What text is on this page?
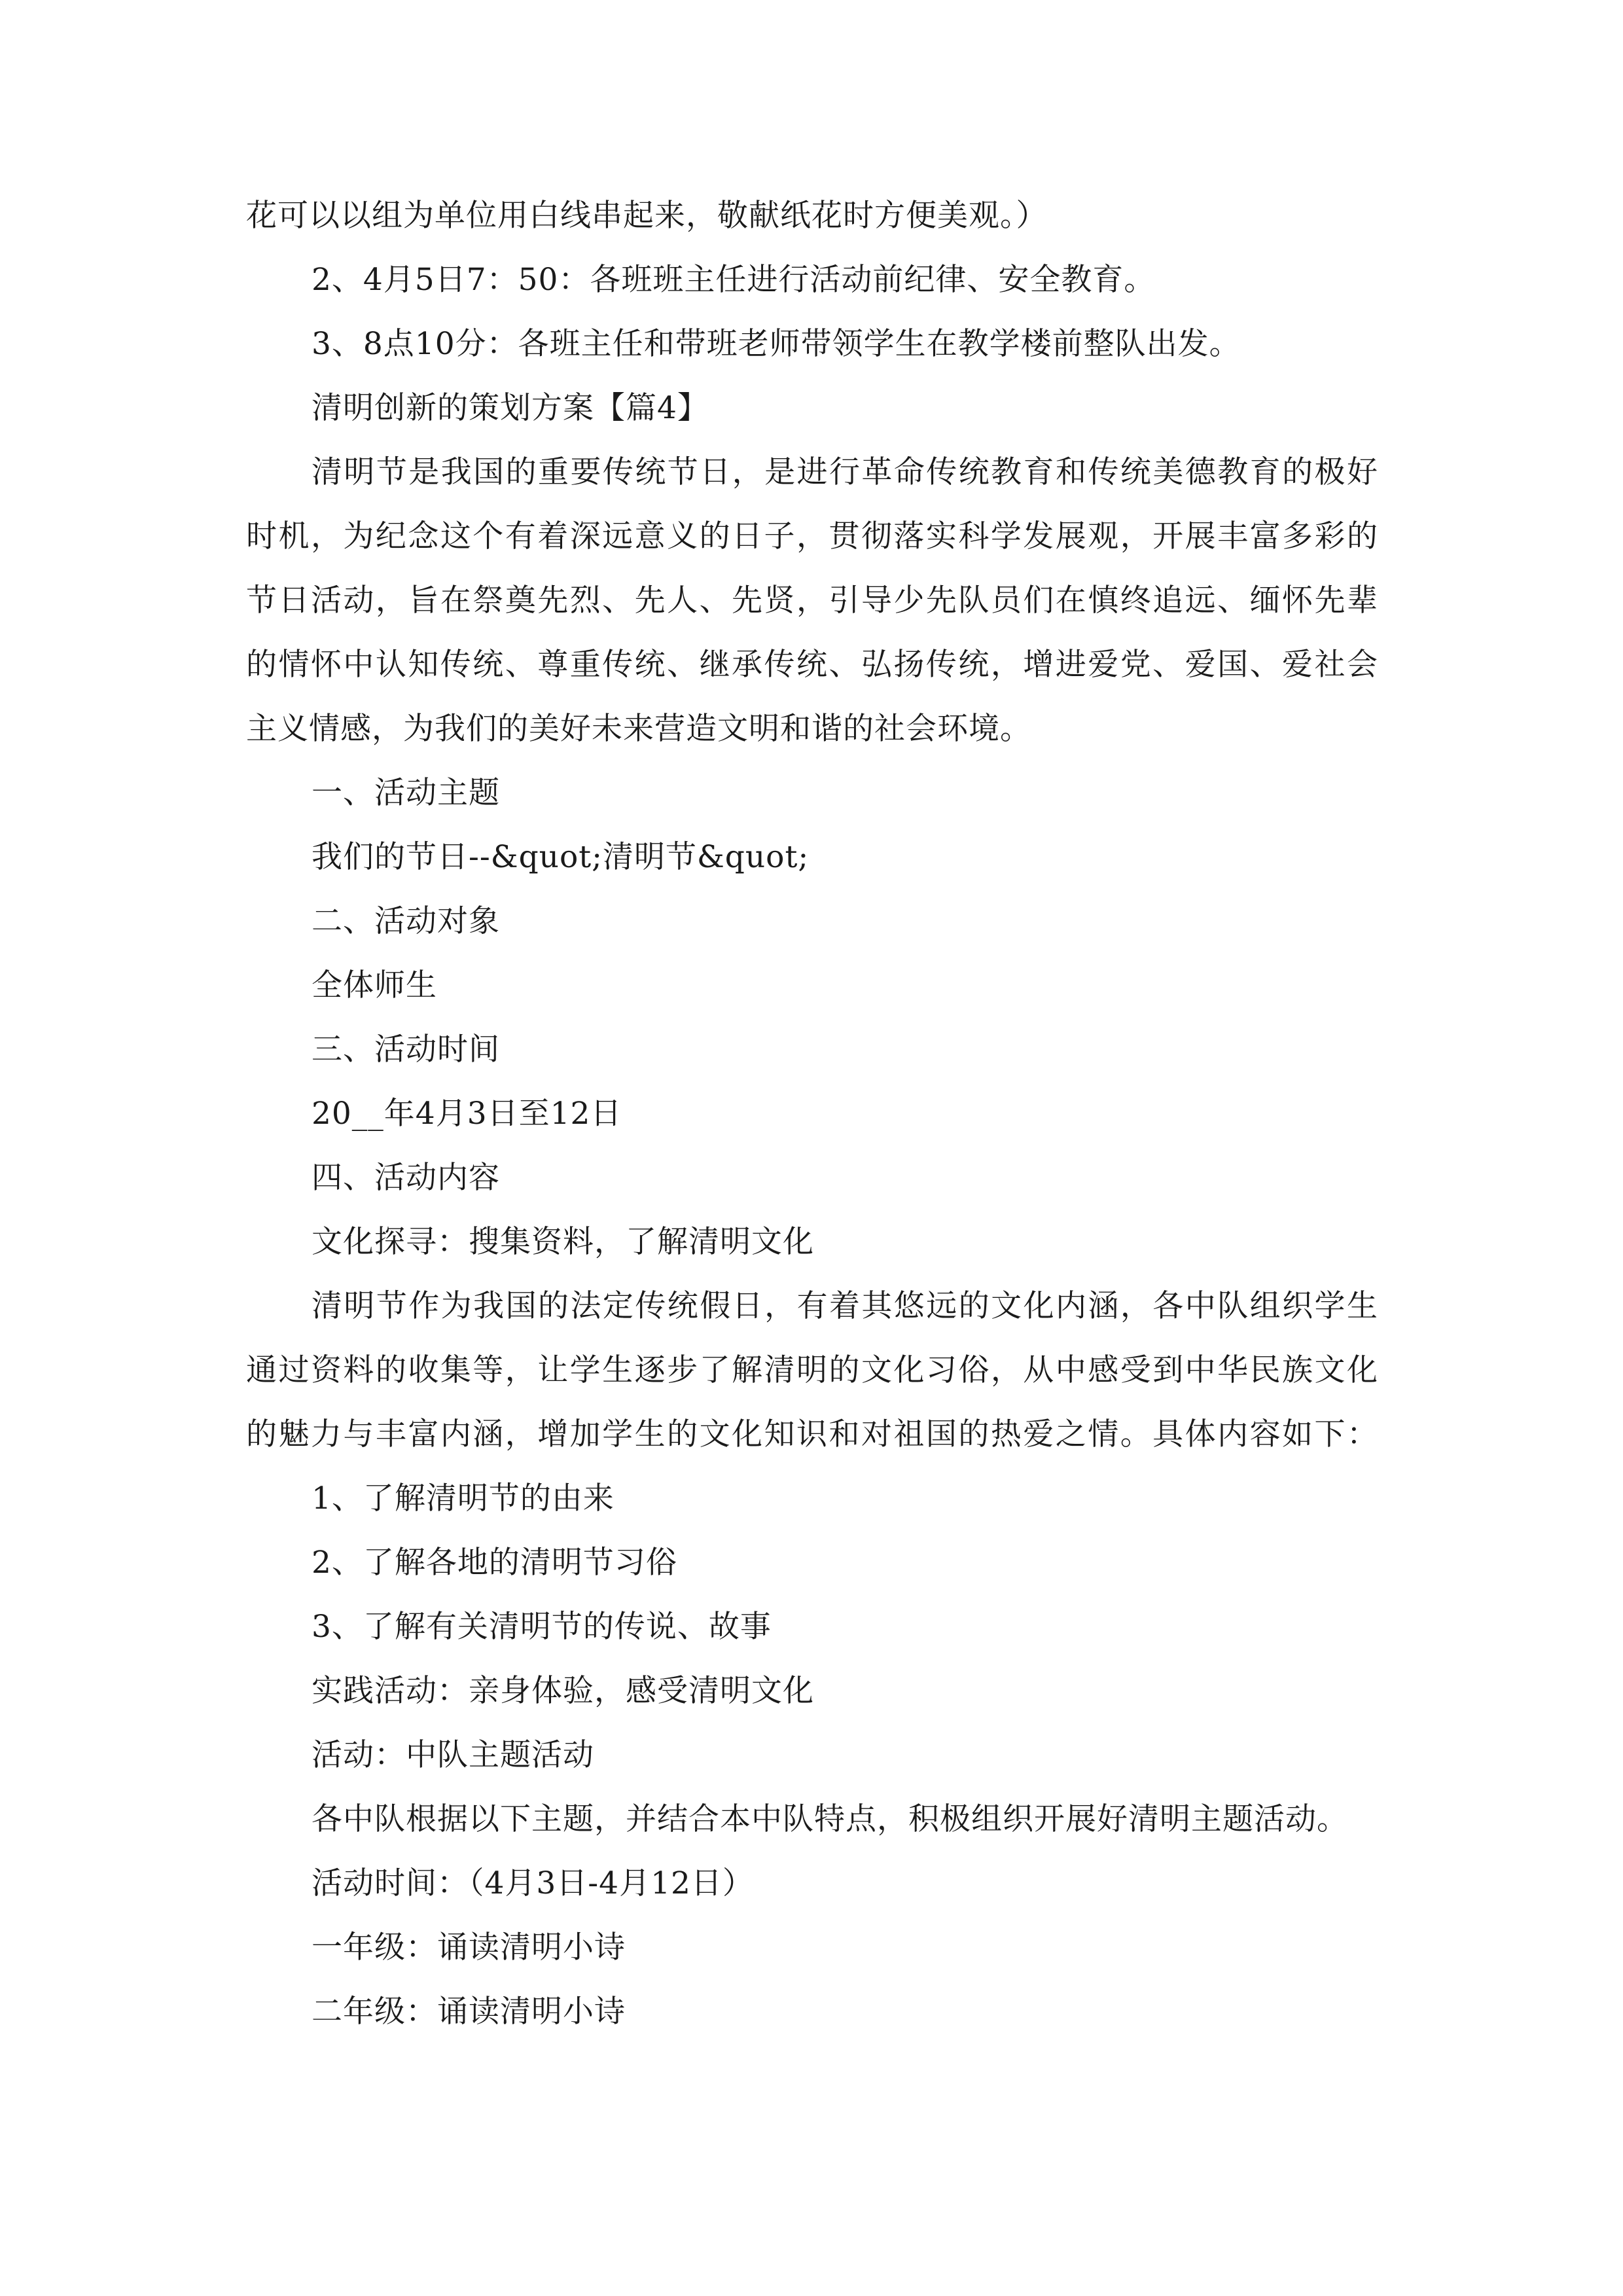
花可以以组为单位用白线串起来，敬献纸花时方便美观。）
2、4月5日7：50：各班班主任进行活动前纪律、安全教育。
3、8点10分：各班主任和带班老师带领学生在教学楼前整队出发。
清明创新的策划方案【篇4】
清明节是我国的重要传统节日，是进行革命传统教育和传统美德教育的极好
时机，为纪念这个有着深远意义的日子，贯彻落实科学发展观，开展丰富多彩的
节日活动，旨在祭奠先烈、先人、先贤，引导少先队员们在慎终追远、缅怀先辈
的情怀中认知传统、尊重传统、继承传统、弘扬传统，增进爱党、爱国、爱社会
主义情感，为我们的美好未来营造文明和谐的社会环境。
一、活动主题
我们的节日--&quot;清明节&quot;
二、活动对象
全体师生
三、活动时间
20__年4月3日至12日
四、活动内容
文化探寻：搜集资料，了解清明文化
清明节作为我国的法定传统假日，有着其悠远的文化内涵，各中队组织学生
通过资料的收集等，让学生逐步了解清明的文化习俗，从中感受到中华民族文化
的魅力与丰富内涵，增加学生的文化知识和对祖国的热爱之情。具体内容如下：
1、了解清明节的由来
2、了解各地的清明节习俗
3、了解有关清明节的传说、故事
实践活动：亲身体验，感受清明文化
活动：中队主题活动
各中队根据以下主题，并结合本中队特点，积极组织开展好清明主题活动。
活动时间：（4月3日-4月12日）
一年级：诵读清明小诗
二年级：诵读清明小诗
